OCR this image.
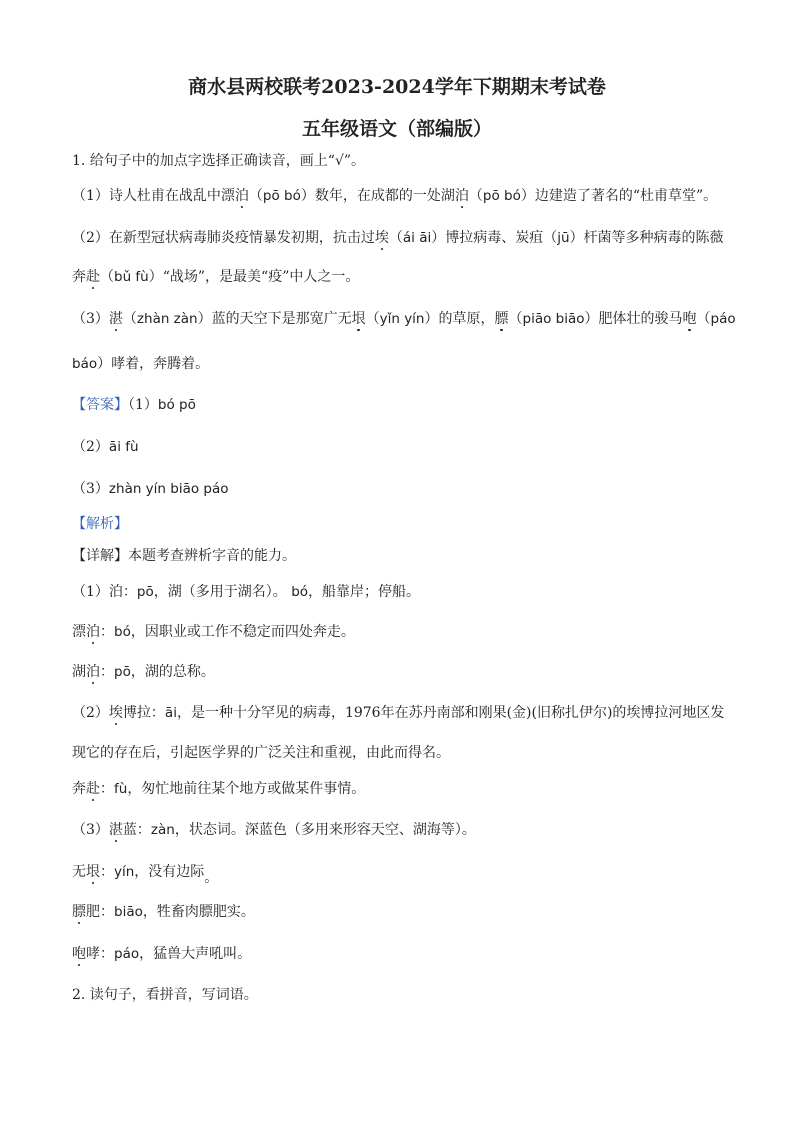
商水县两校联考2023-2024学年下期期末考试卷
五年级语文（部编版）
1. 给句子中的加点字选择正确读音，画上“√”。
（1）诗人杜甫在战乱中漂泊（pō bó）数年，在成都的一处湖泊（pō bó）边建造了著名的“杜甫草堂”。
（2）在新型冠状病毒肺炎疫情暴发初期，抗击过埃（ái āi）博拉病毒、炭疽（jū）杆菌等多种病毒的陈薇
奔赴（bǔ fù）“战场”，是最美“疫”中人之一。
（3）湛（zhàn zàn）蓝的天空下是那宽广无垠（yǐn yín）的草原，膘（piāo biāo）肥体壮的骏马咆（páo
báo）哮着，奔腾着。
【答案】（1）bó pō
（2）āi fù
（3）zhàn yín biāo páo
【解析】
【详解】本题考查辨析字音的能力。
（1）泊：pō，湖（多用于湖名）。 bó，船靠岸；停船。
漂泊：bó，因职业或工作不稳定而四处奔走。
湖泊：pō，湖的总称。
（2）埃博拉：āi，是一种十分罕见的病毒，1976年在苏丹南部和刚果(金)(旧称扎伊尔)的埃博拉河地区发
现它的存在后，引起医学界的广泛关注和重视，由此而得名。
奔赴：fù，匆忙地前往某个地方或做某件事情。
（3）湛蓝：zàn，状态词。深蓝色（多用来形容天空、湖海等）。
无垠：yín，没有边际。
膘肥：biāo，牲畜肉膘肥实。
咆哮：páo，猛兽大声吼叫。
2. 读句子，看拼音，写词语。
